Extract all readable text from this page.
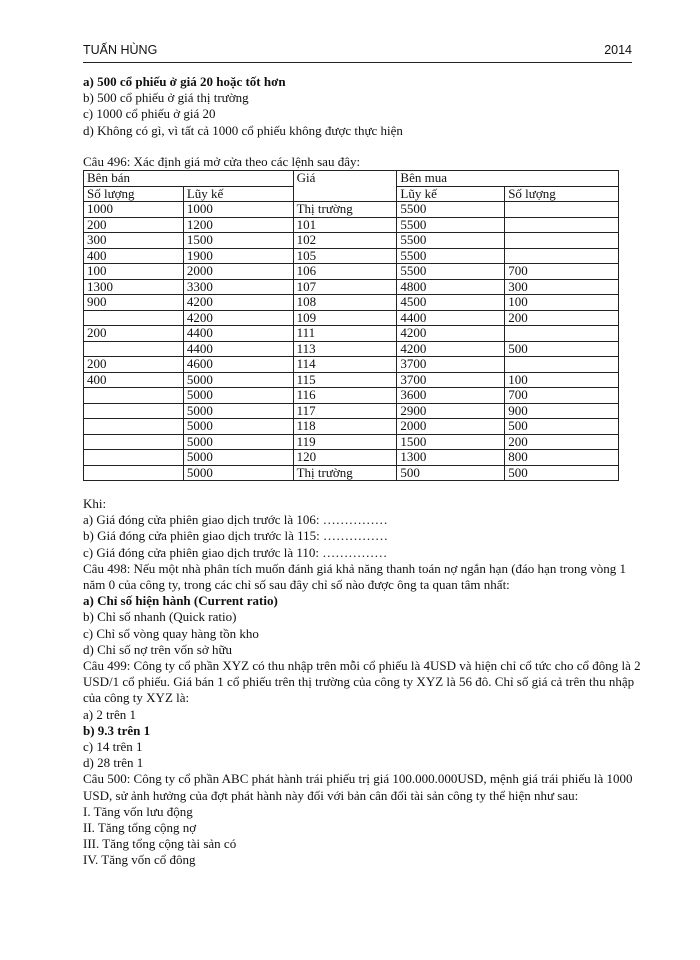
TUẤN HÙNG	2014
a) 500 cổ phiếu ở giá 20 hoặc tốt hơn
b) 500 cổ phiếu ở giá thị trường
c) 1000 cổ phiếu ở giá 20
d) Không có gì, vì tất cả 1000 cổ phiếu không được thực hiện
Câu 496: Xác định giá mở cửa theo các lệnh sau đây:
Bên bán		Giá	Bên mua	
Số lượng	Lũy kế		Lũy kế	Số lượng
1000	1000	Thị trường	5500	
200	1200	101	5500	
300	1500	102	5500	
400	1900	105	5500	
100	2000	106	5500	700
1300	3300	107	4800	300
900	4200	108	4500	100
	4200	109	4400	200
200	4400	111	4200	
	4400	113	4200	500
200	4600	114	3700	
400	5000	115	3700	100
	5000	116	3600	700
	5000	117	2900	900
	5000	118	2000	500
	5000	119	1500	200
	5000	120	1300	800
	5000	Thị trường	500	500
Khi:
a) Giá đóng cửa phiên giao dịch trước là 106: ……………
b) Giá đóng cửa phiên giao dịch trước là 115: ……………
c) Giá đóng cửa phiên giao dịch trước là 110: ……………
Câu 498: Nếu một nhà phân tích muốn đánh giá khả năng thanh toán nợ ngắn hạn (đáo hạn trong vòng 1 năm 0 của công ty, trong các chỉ số sau đây chỉ số nào được ông ta quan tâm nhất:
a) Chỉ số hiện hành (Current ratio)
b) Chỉ số nhanh (Quick ratio)
c) Chỉ số vòng quay hàng tồn kho
d) Chỉ số nợ trên vốn sở hữu
Câu 499: Công ty cổ phần XYZ có thu nhập trên mỗi cổ phiếu là 4USD và hiện chỉ cổ tức cho cổ đông là 2 USD/1 cổ phiếu. Giá bán 1 cổ phiếu trên thị trường của công ty XYZ là 56 đô. Chỉ số giá cả trên thu nhập của công ty XYZ là:
a) 2 trên 1
b) 9.3 trên 1
c) 14 trên 1
d) 28 trên 1
Câu 500: Công ty cổ phần ABC phát hành trái phiếu trị giá 100.000.000USD, mệnh giá trái phiếu là 1000 USD, sử ảnh hưởng của đợt phát hành này đối với bản cân đối tài sản công ty thể hiện như sau:
I. Tăng vốn lưu động
II. Tăng tổng cộng nợ
III. Tăng tổng cộng tài sản có
IV. Tăng vốn cổ đông
